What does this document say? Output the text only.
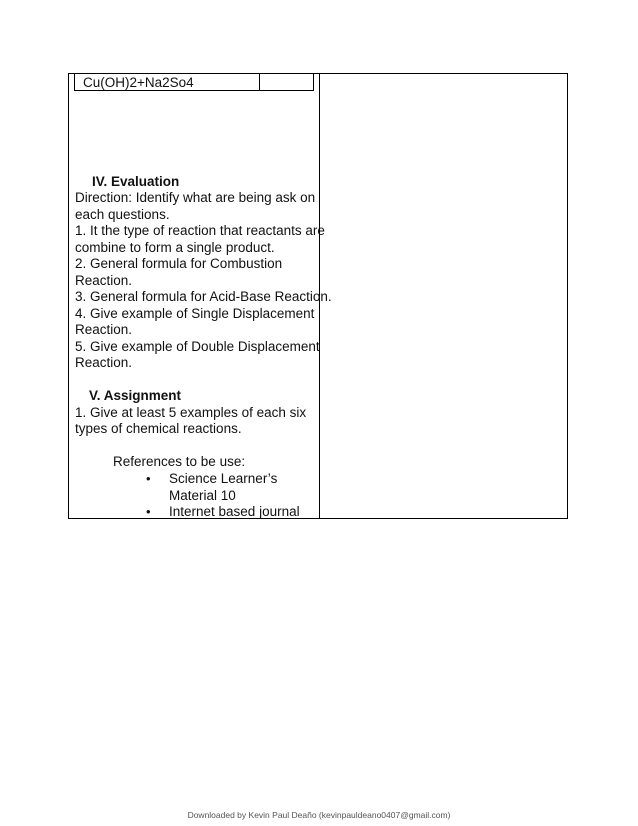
Cu(OH)2+Na2So4
IV. Evaluation
Direction: Identify what are being ask on
each questions.
1. It the type of reaction that reactants are
combine to form a single product.
2. General formula for Combustion
Reaction.
3. General formula for Acid-Base Reaction.
4. Give example of Single Displacement
Reaction.
5. Give example of Double Displacement
Reaction.
V. Assignment
1. Give at least 5 examples of each six
types of chemical reactions.
References to be use:
• Science Learner’s
Material 10
• Internet based journal
Downloaded by Kevin Paul Deaño (kevinpauldeano0407@gmail.com)
